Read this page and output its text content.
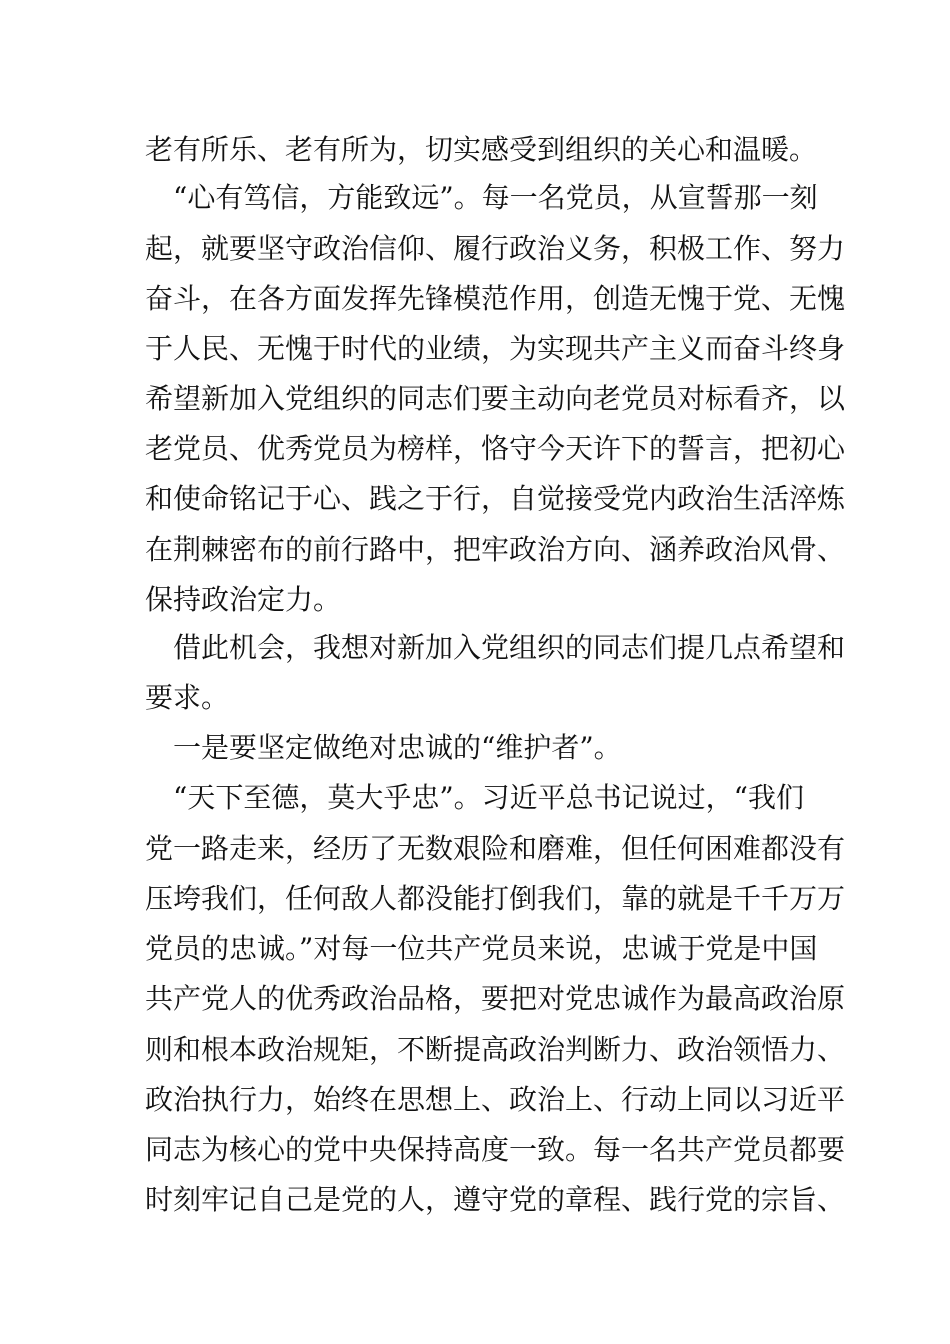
老有所乐、老有所为，切实感受到组织的关心和温暖。
　“心有笃信，方能致远”。每一名党员，从宣誓那一刻
起，就要坚守政治信仰、履行政治义务，积极工作、努力
奋斗，在各方面发挥先锋模范作用，创造无愧于党、无愧
于人民、无愧于时代的业绩，为实现共产主义而奋斗终身
希望新加入党组织的同志们要主动向老党员对标看齐，以
老党员、优秀党员为榜样，恪守今天许下的誓言，把初心
和使命铭记于心、践之于行，自觉接受党内政治生活淬炼
在荆棘密布的前行路中，把牢政治方向、涵养政治风骨、
保持政治定力。
　借此机会，我想对新加入党组织的同志们提几点希望和
要求。
　一是要坚定做绝对忠诚的“维护者”。
　“天下至德，莫大乎忠”。习近平总书记说过，“我们
党一路走来，经历了无数艰险和磨难，但任何困难都没有
压垮我们，任何敌人都没能打倒我们，靠的就是千千万万
党员的忠诚。”对每一位共产党员来说，忠诚于党是中国
共产党人的优秀政治品格，要把对党忠诚作为最高政治原
则和根本政治规矩，不断提高政治判断力、政治领悟力、
政治执行力，始终在思想上、政治上、行动上同以习近平
同志为核心的党中央保持高度一致。每一名共产党员都要
时刻牢记自己是党的人，遵守党的章程、践行党的宗旨、
